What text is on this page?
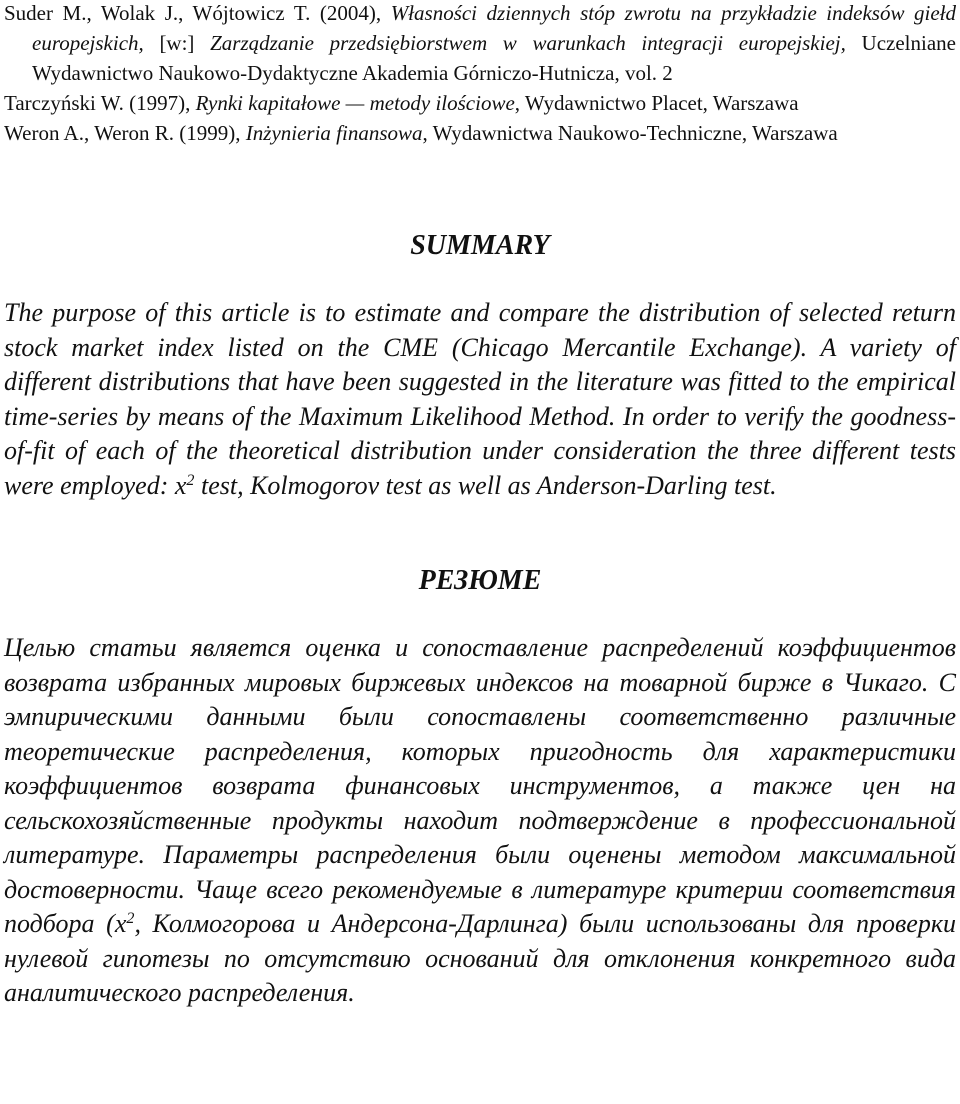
Suder M., Wolak J., Wójtowicz T. (2004), Własności dziennych stóp zwrotu na przykładzie indeksów giełd europejskich, [w:] Zarządzanie przedsiębiorstwem w warunkach integracji europejskiej, Uczelniane Wydawnictwo Naukowo-Dydaktyczne Akademia Górniczo-Hutnicza, vol. 2

Tarczyński W. (1997), Rynki kapitałowe — metody ilościowe, Wydawnictwo Placet, Warszawa

Weron A., Weron R. (1999), Inżynieria finansowa, Wydawnictwa Naukowo-Techniczne, Warszawa

SUMMARY

The purpose of this article is to estimate and compare the distribution of selected return stock market index listed on the CME (Chicago Mercantile Exchange). A variety of different distributions that have been suggested in the literature was fitted to the empirical time-series by means of the Maximum Likelihood Method. In order to verify the goodness-of-fit of each of the theoretical distribution under consideration the three different tests were employed: $x^2$ test, Kolmogorov test as well as Anderson-Darling test.

РЕЗЮМЕ

Целью статьи является оценка и сопоставление распределений коэффициентов возврата избранных мировых биржевых индексов на товарной бирже в Чикаго. С эмпирическими данными были сопоставлены соответственно различные теоретические распределения, которых пригодность для характеристики коэффициентов возврата финансовых инструментов, а также цен на сельскохозяйственные продукты находит подтверждение в профессиональной литературе. Параметры распределения были оценены методом максимальной достоверности. Чаще всего рекомендуемые в литературе критерии соответствия подбора ($х^2$, Колмогорова и Андерсона-Дарлинга) были использованы для проверки нулевой гипотезы по отсутствию оснований для отклонения конкретного вида аналитического распределения.
